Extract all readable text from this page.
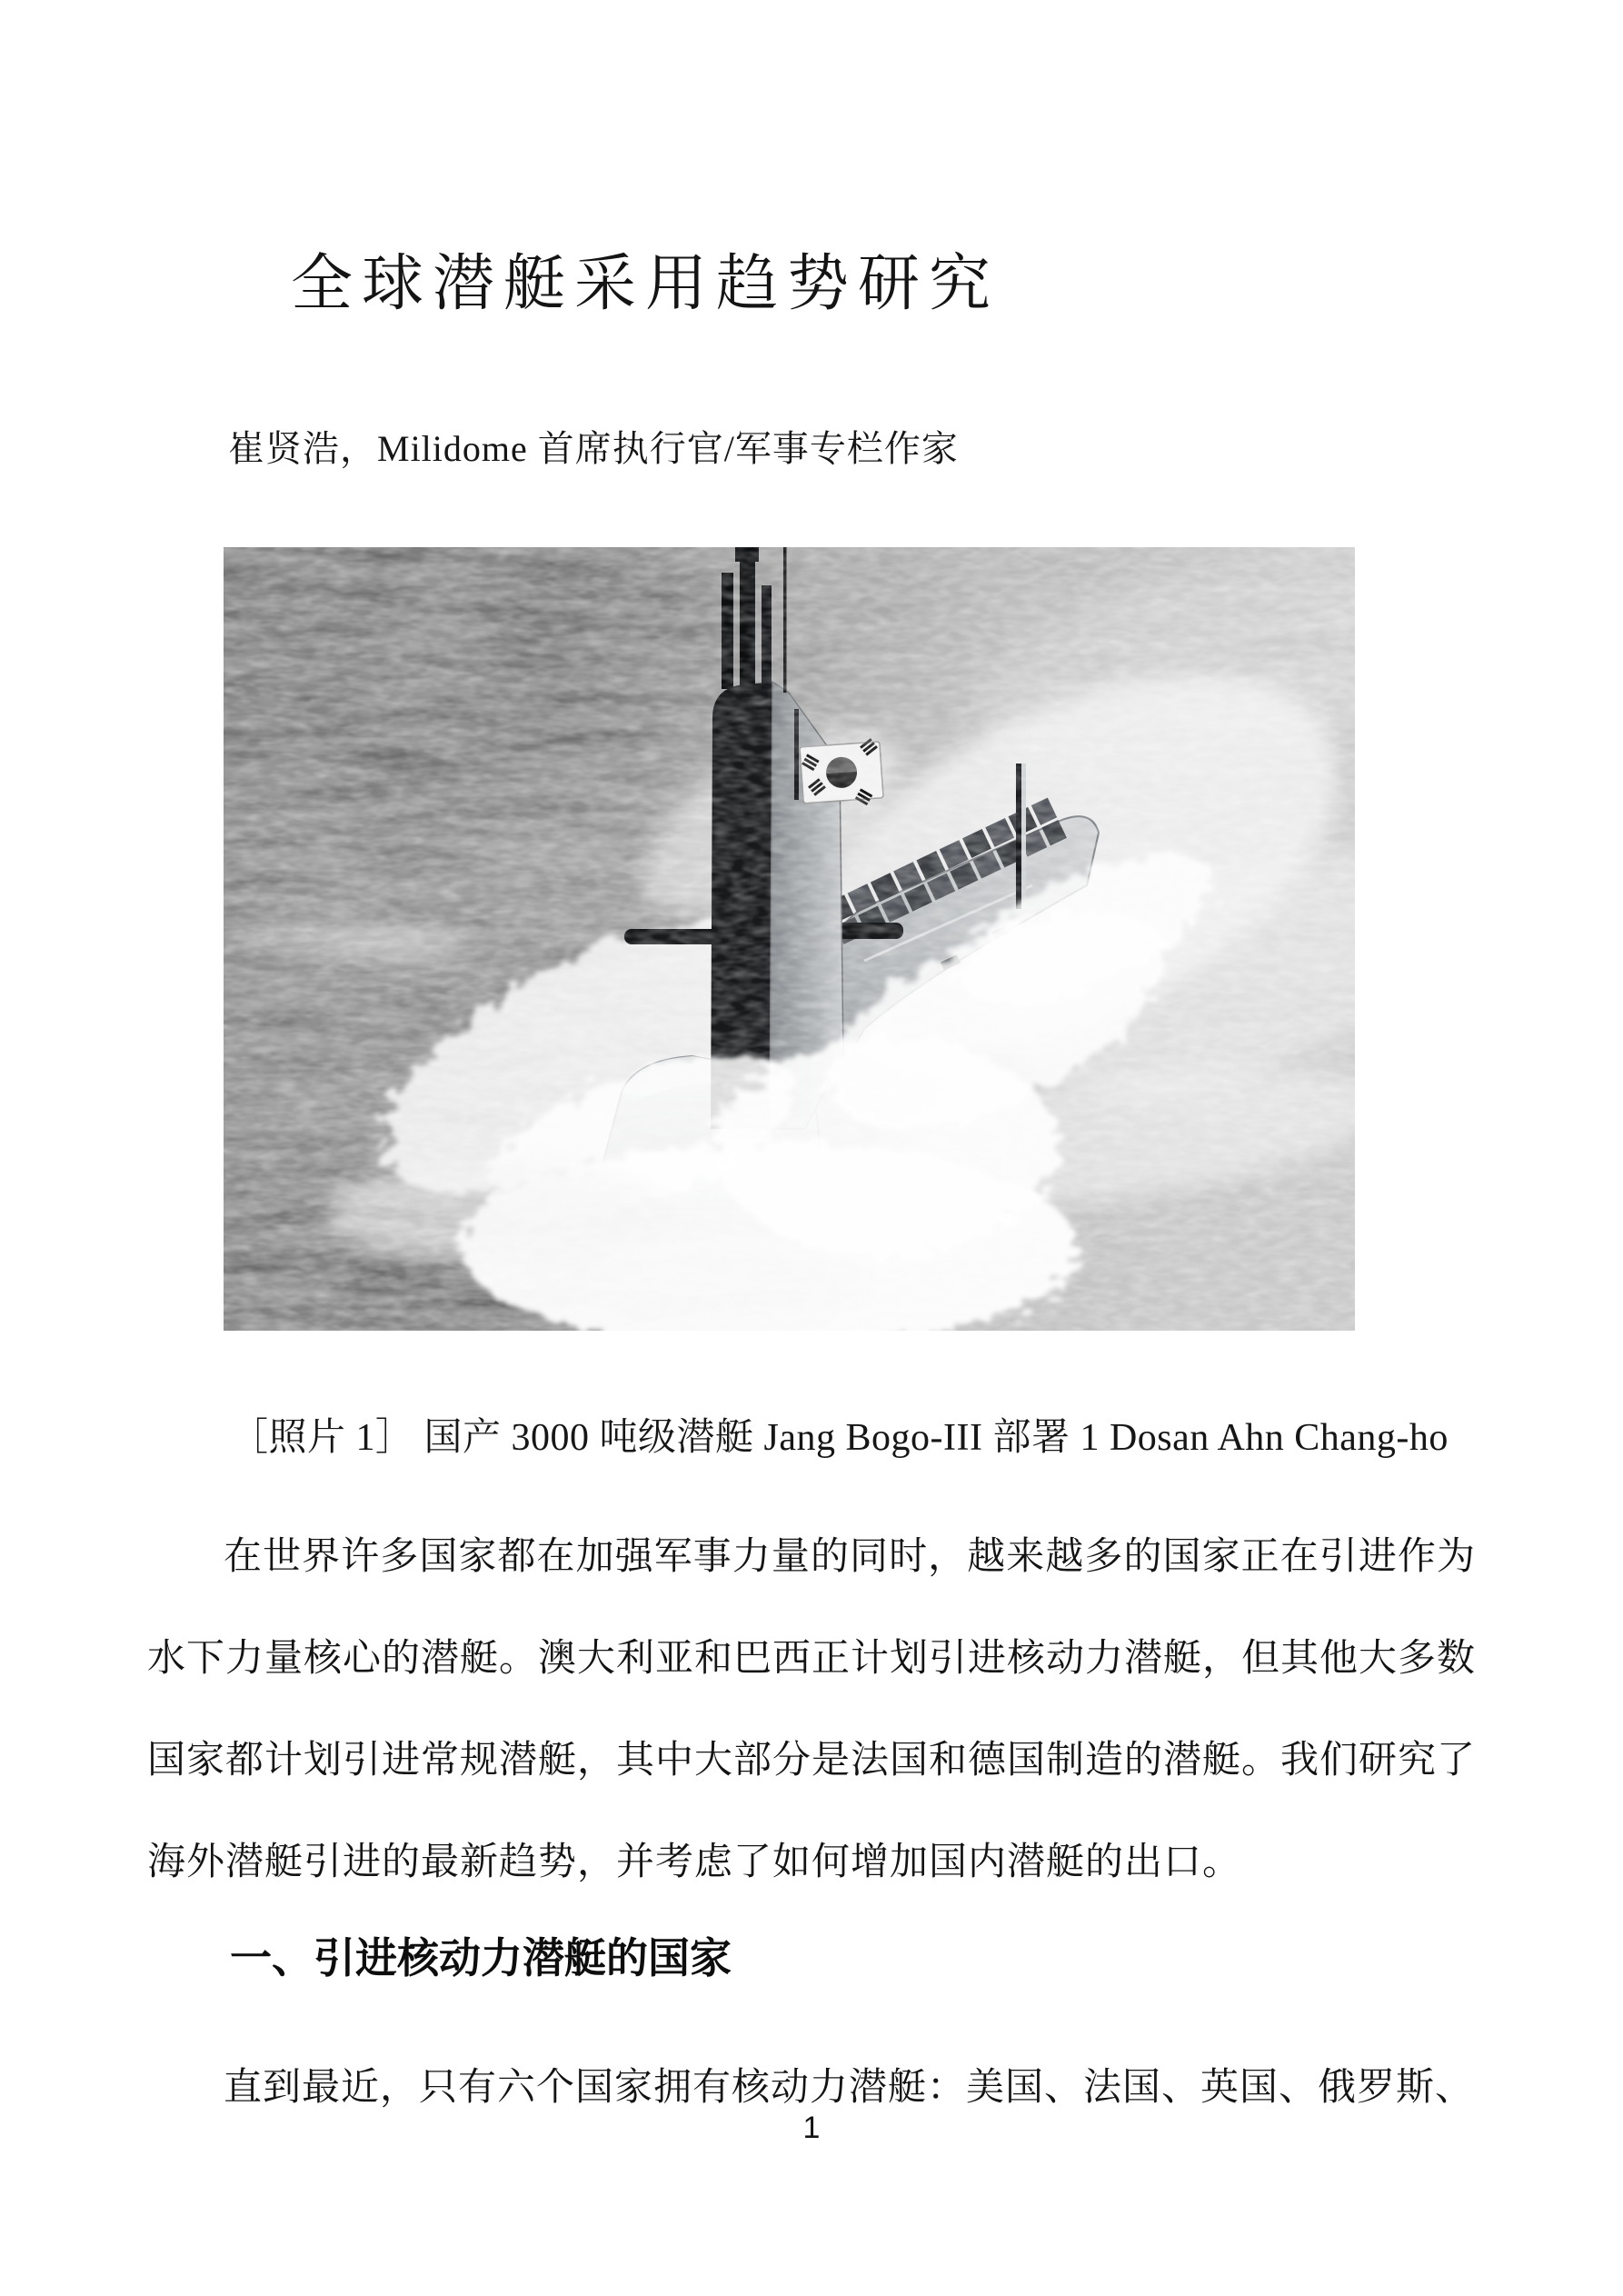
全球潜艇采用趋势研究

崔贤浩，Milidome 首席执行官/军事专栏作家

［照片 1］ 国产 3000 吨级潜艇 Jang Bogo-III 部署 1 Dosan Ahn Chang-ho

在世界许多国家都在加强军事力量的同时，越来越多的国家正在引进作为水下力量核心的潜艇。澳大利亚和巴西正计划引进核动力潜艇，但其他大多数国家都计划引进常规潜艇，其中大部分是法国和德国制造的潜艇。我们研究了海外潜艇引进的最新趋势，并考虑了如何增加国内潜艇的出口。

一、引进核动力潜艇的国家

直到最近，只有六个国家拥有核动力潜艇：美国、法国、英国、俄罗斯、

1
